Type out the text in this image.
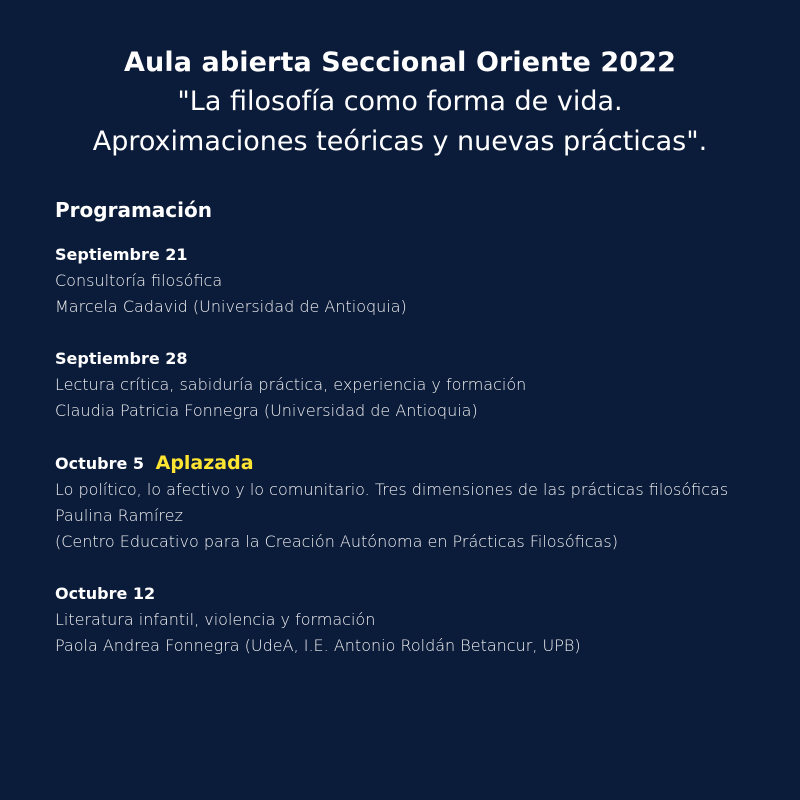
Aula abierta Seccional Oriente 2022
"La filosofía como forma de vida.
Aproximaciones teóricas y nuevas prácticas".
Programación
Septiembre 21
Consultoría filosófica
Marcela Cadavid (Universidad de Antioquia)
Septiembre 28
Lectura crítica, sabiduría práctica, experiencia y formación
Claudia Patricia Fonnegra (Universidad de Antioquia)
Octubre 5 Aplazada
Lo político, lo afectivo y lo comunitario. Tres dimensiones de las prácticas filosóficas
Paulina Ramírez
(Centro Educativo para la Creación Autónoma en Prácticas Filosóficas)
Octubre 12
Literatura infantil, violencia y formación
Paola Andrea Fonnegra (UdeA, I.E. Antonio Roldán Betancur, UPB)
